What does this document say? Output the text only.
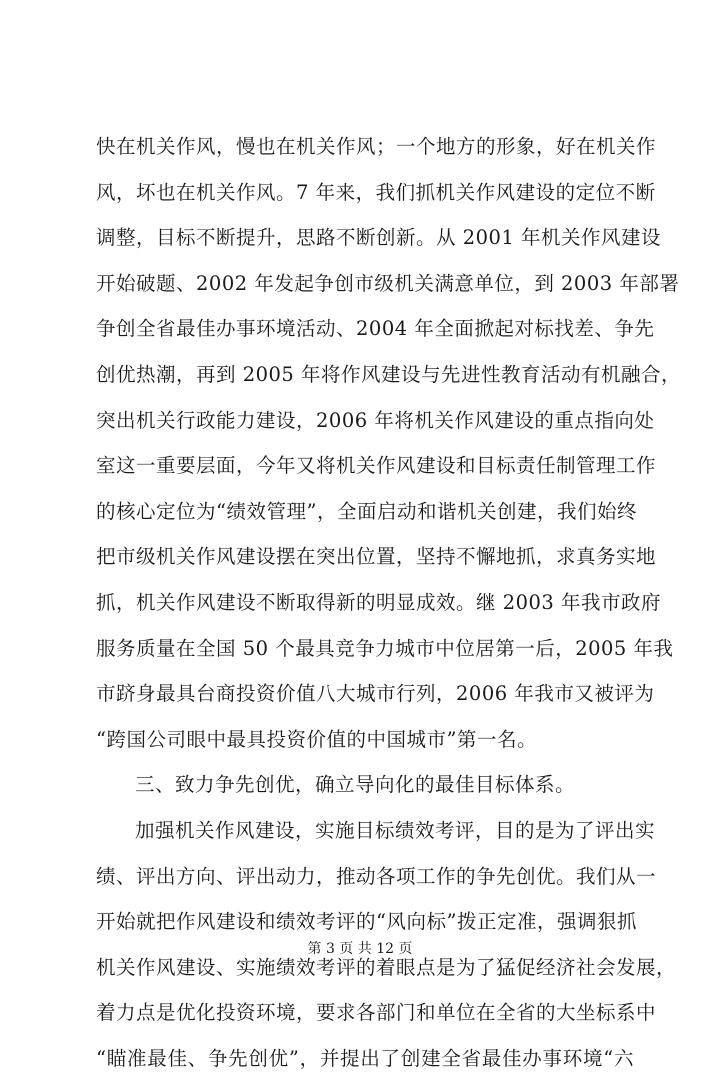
快在机关作风，慢也在机关作风；一个地方的形象，好在机关作
风，坏也在机关作风。7 年来，我们抓机关作风建设的定位不断
调整，目标不断提升，思路不断创新。从 2001 年机关作风建设
开始破题、2002 年发起争创市级机关满意单位，到 2003 年部署
争创全省最佳办事环境活动、2004 年全面掀起对标找差、争先
创优热潮，再到 2005 年将作风建设与先进性教育活动有机融合，
突出机关行政能力建设，2006 年将机关作风建设的重点指向处
室这一重要层面，今年又将机关作风建设和目标责任制管理工作
的核心定位为“绩效管理”，全面启动和谐机关创建，我们始终
把市级机关作风建设摆在突出位置，坚持不懈地抓，求真务实地
抓，机关作风建设不断取得新的明显成效。继 2003 年我市政府
服务质量在全国 50 个最具竞争力城市中位居第一后，2005 年我
市跻身最具台商投资价值八大城市行列，2006 年我市又被评为
“跨国公司眼中最具投资价值的中国城市”第一名。
三、致力争先创优，确立导向化的最佳目标体系。
加强机关作风建设，实施目标绩效考评，目的是为了评出实
绩、评出方向、评出动力，推动各项工作的争先创优。我们从一
开始就把作风建设和绩效考评的“风向标”拨正定准，强调狠抓
机关作风建设、实施绩效考评的着眼点是为了猛促经济社会发展，
着力点是优化投资环境，要求各部门和单位在全省的大坐标系中
“瞄准最佳、争先创优”，并提出了创建全省最佳办事环境“六
第 3 页 共 12 页
